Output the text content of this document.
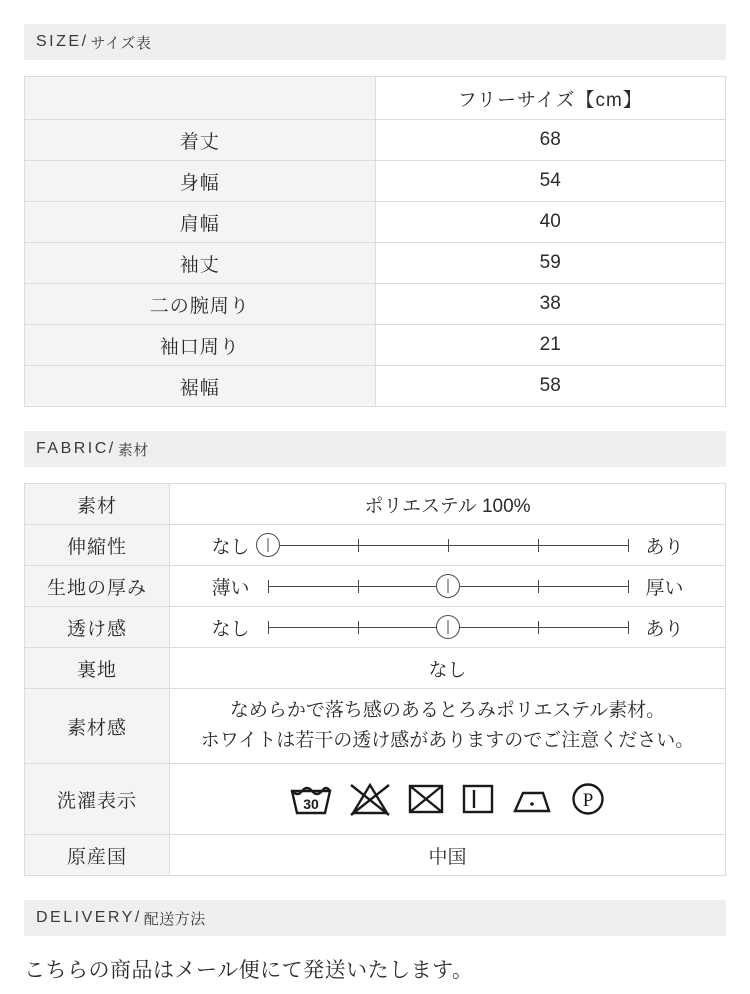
SIZE/ サイズ表
	フリーサイズ【cm】
着丈	68
身幅	54
肩幅	40
袖丈	59
二の腕周り	38
袖口周り	21
裾幅	58
FABRIC/ 素材
素材	ポリエステル 100%
伸縮性	なし あり

生地の厚み	薄い 厚い

透け感	なし あり

裏地	なし
素材感	なめらかで落ち感のあるとろみポリエステル素材。
ホワイトは若干の透け感がありますのでご注意ください。

洗濯表示	30 P

原産国	中国
DELIVERY/ 配送方法
こちらの商品はメール便にて発送いたします。
